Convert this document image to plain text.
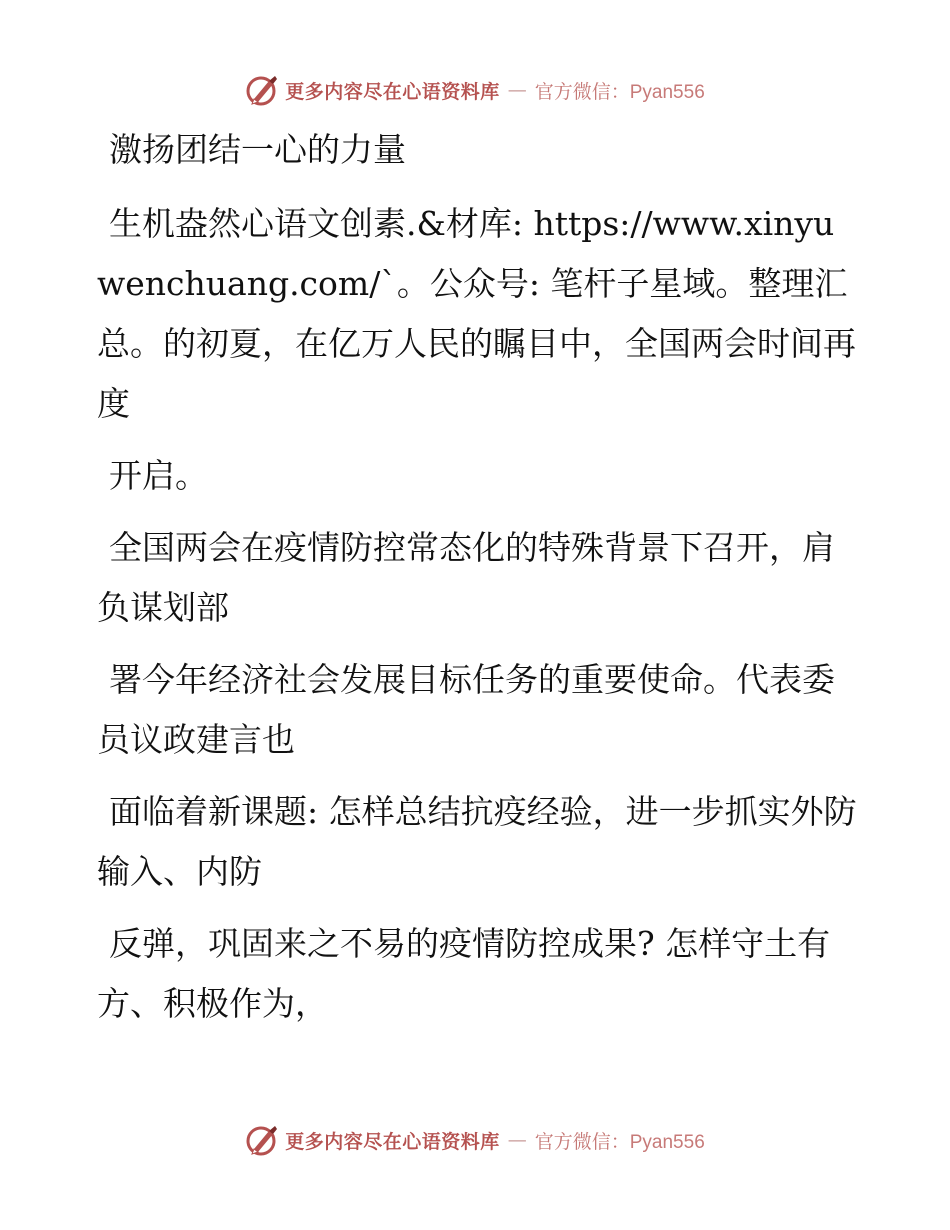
更多内容尽在心语资料库 — 官方微信：Pyan556

激扬团结一心的力量

生机盎然心语文创素.&材库: https://www.xinyuwenchuang.com/`。公众号: 笔杆子星域。整理汇总。的初夏，在亿万人民的瞩目中，全国两会时间再度

开启。

全国两会在疫情防控常态化的特殊背景下召开，肩负谋划部

署今年经济社会发展目标任务的重要使命。代表委员议政建言也

面临着新课题: 怎样总结抗疫经验，进一步抓实外防输入、内防

反弹，巩固来之不易的疫情防控成果? 怎样守土有方、积极作为，

更多内容尽在心语资料库 — 官方微信：Pyan556
